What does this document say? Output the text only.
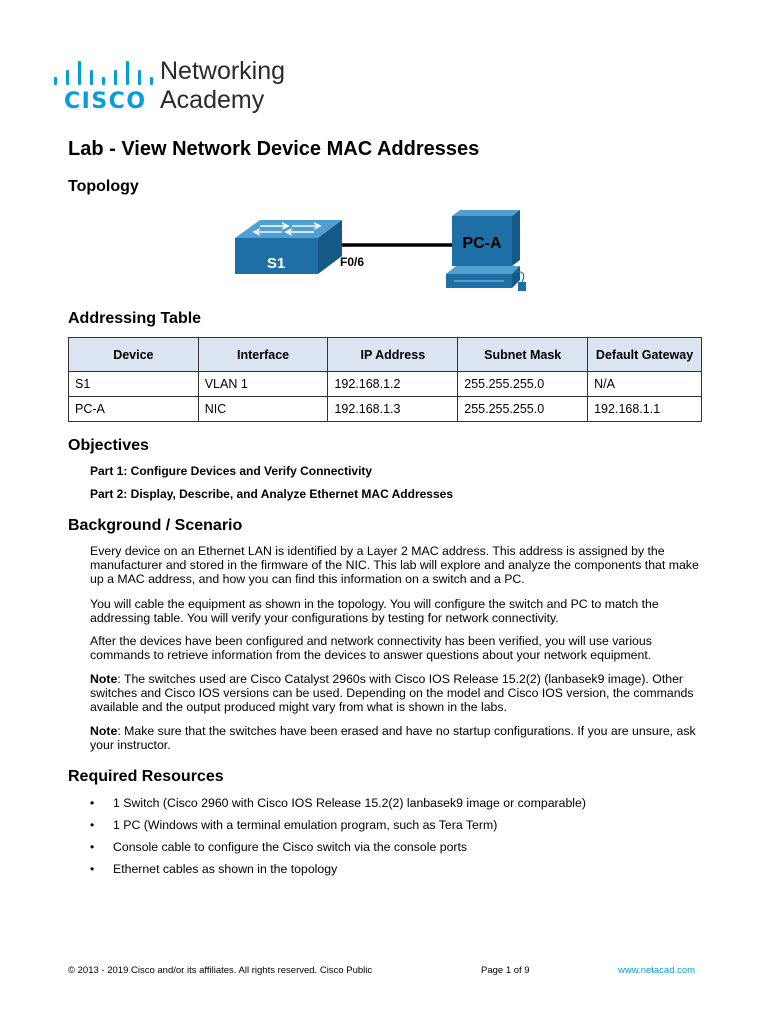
CISCO
Networking
Academy
Lab - View Network Device MAC Addresses
Topology
S1	F0/6
PC-A
Addressing Table
Device	Interface	IP Address	Subnet Mask	Default Gateway
S1	VLAN 1	192.168.1.2	255.255.255.0	N/A
PC-A	NIC	192.168.1.3	255.255.255.0	192.168.1.1
Objectives
Part 1: Configure Devices and Verify Connectivity
Part 2: Display, Describe, and Analyze Ethernet MAC Addresses
Background / Scenario

Every device on an Ethernet LAN is identified by a Layer 2 MAC address. This address is assigned by the manufacturer and stored in the firmware of the NIC. This lab will explore and analyze the components that make up a MAC address, and how you can find this information on a switch and a PC.

You will cable the equipment as shown in the topology. You will configure the switch and PC to match the addressing table. You will verify your configurations by testing for network connectivity.

After the devices have been configured and network connectivity has been verified, you will use various commands to retrieve information from the devices to answer questions about your network equipment.

Note: The switches used are Cisco Catalyst 2960s with Cisco IOS Release 15.2(2) (lanbasek9 image). Other switches and Cisco IOS versions can be used. Depending on the model and Cisco IOS version, the commands available and the output produced might vary from what is shown in the labs.

Note: Make sure that the switches have been erased and have no startup configurations. If you are unsure, ask your instructor.

Required Resources
• 1 Switch (Cisco 2960 with Cisco IOS Release 15.2(2) lanbasek9 image or comparable)
• 1 PC (Windows with a terminal emulation program, such as Tera Term)
• Console cable to configure the Cisco switch via the console ports
• Ethernet cables as shown in the topology
© 2013 - 2019 Cisco and/or its affiliates. All rights reserved. Cisco Public	Page 1 of 9	www.netacad.com
